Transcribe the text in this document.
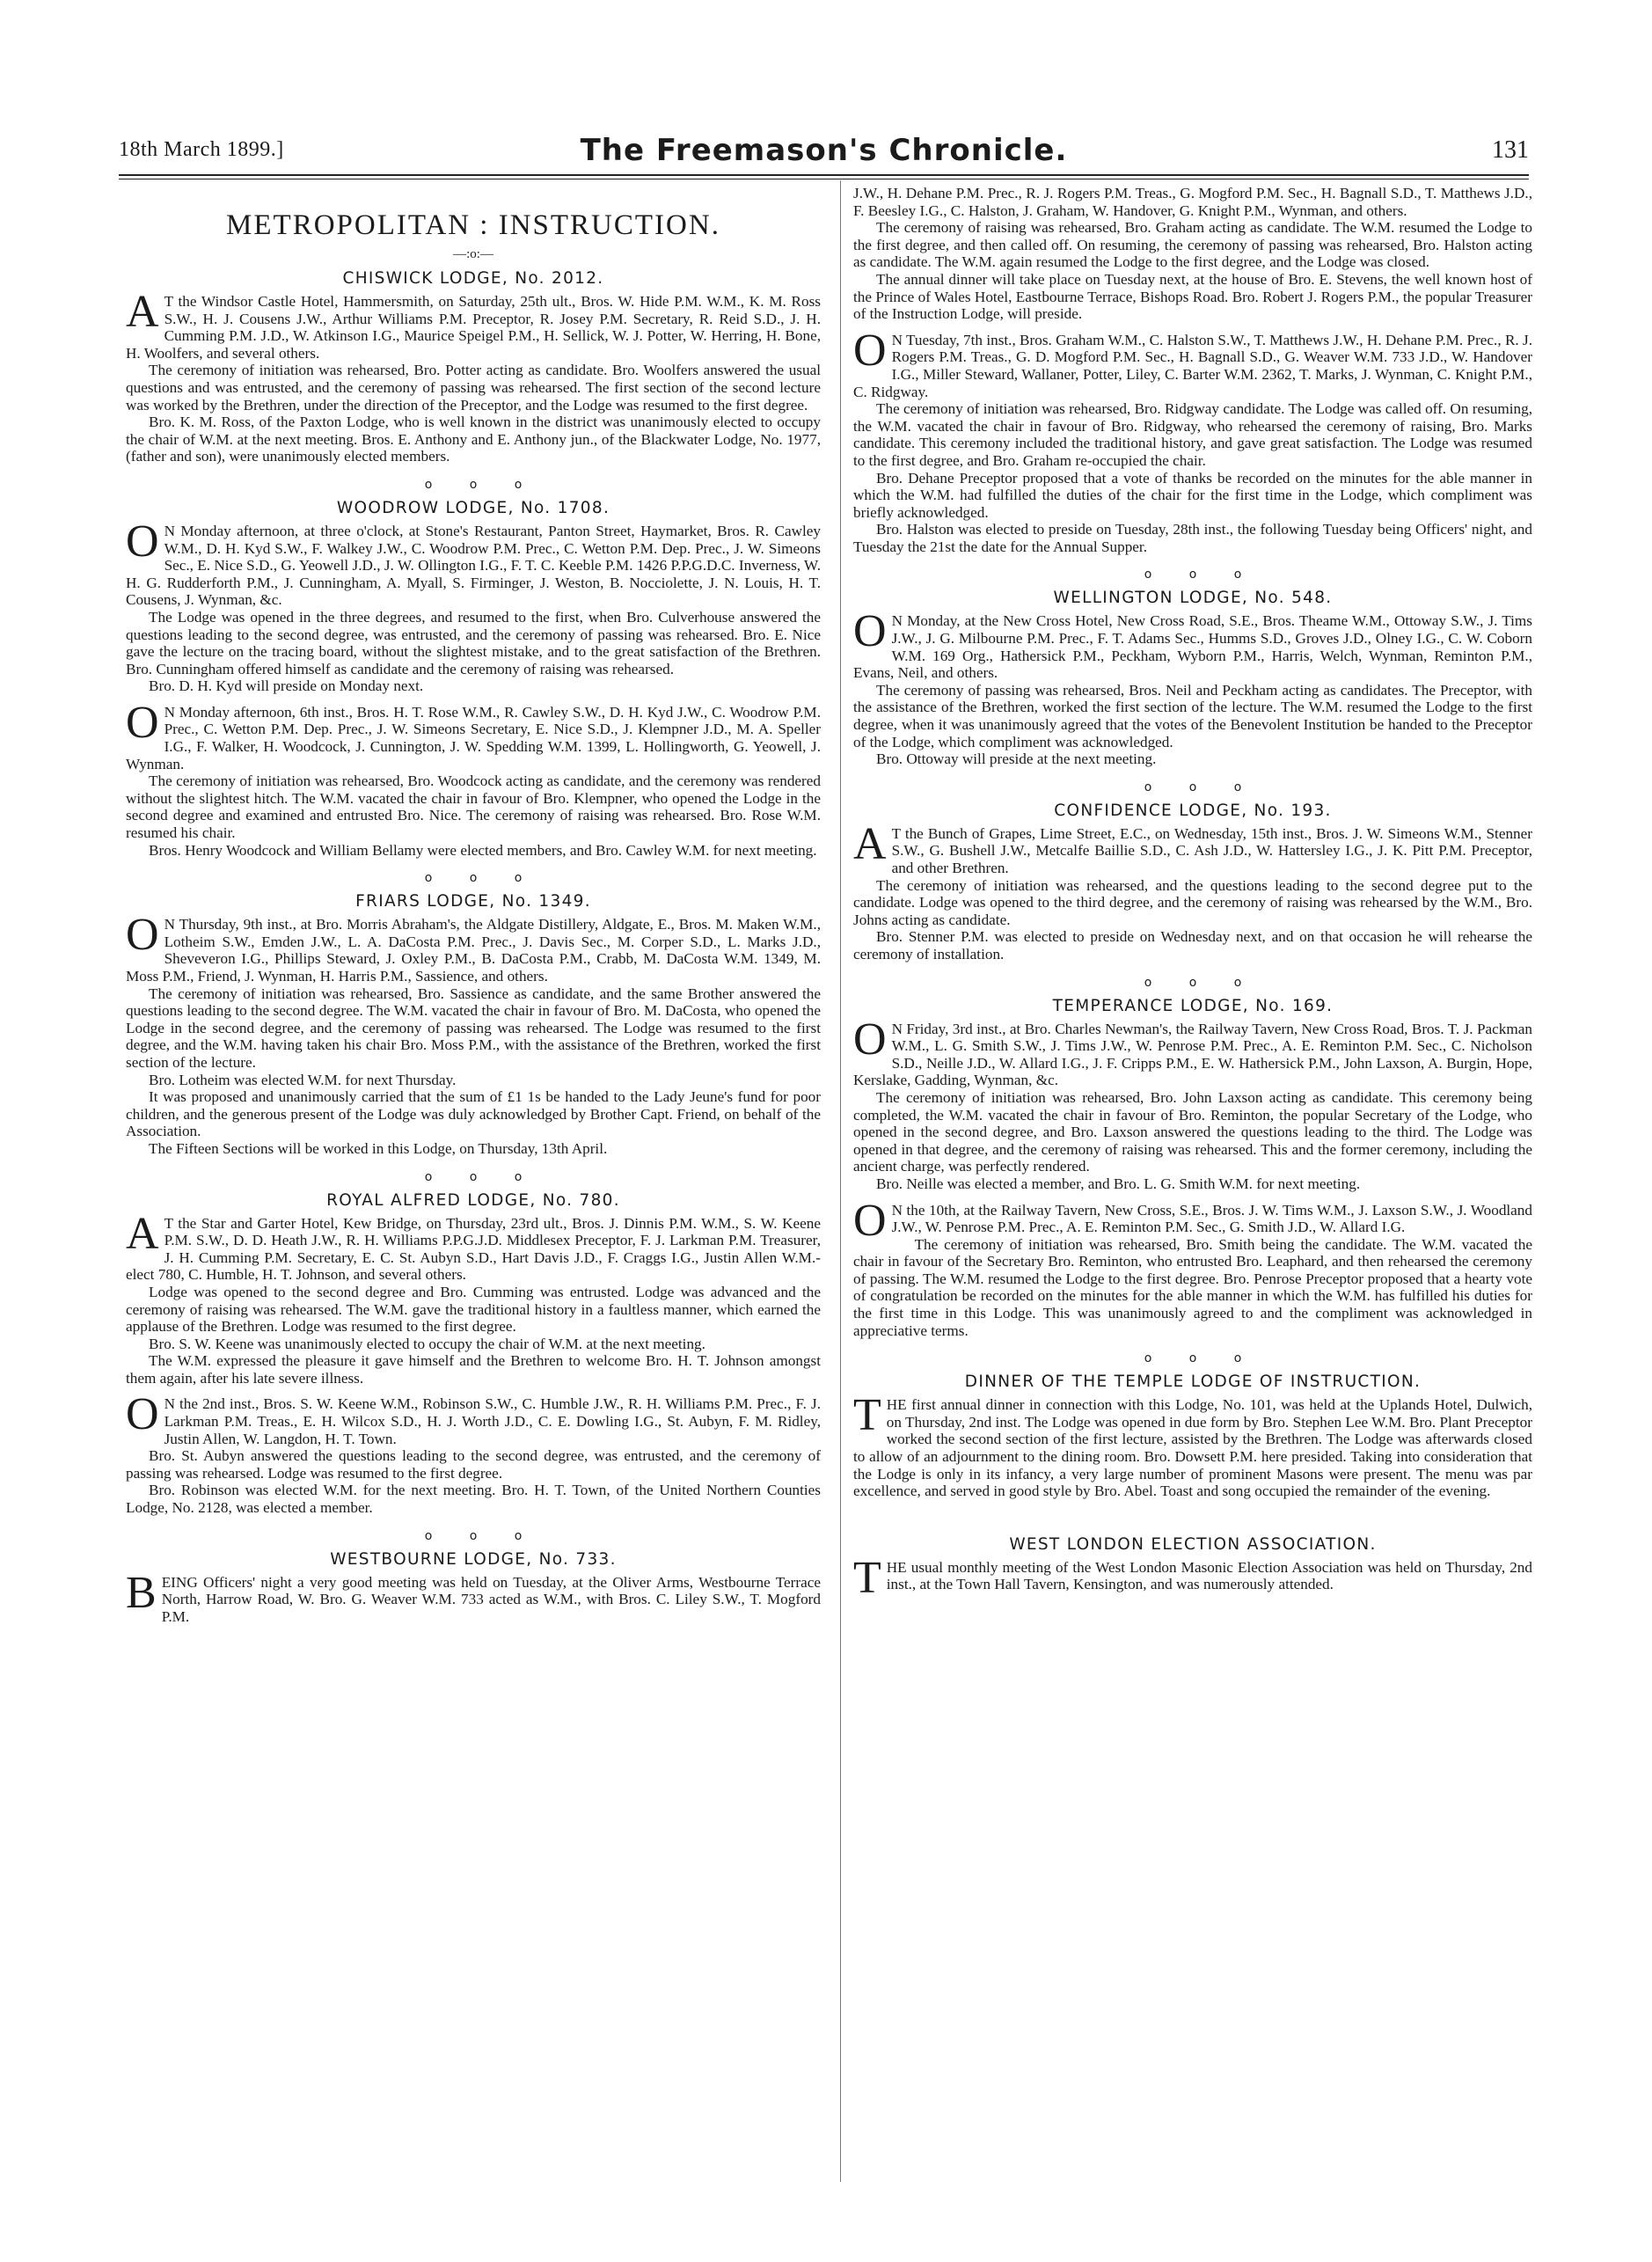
18th March 1899.]	The Freemason's Chronicle.	131
METROPOLITAN : INSTRUCTION.
—:o:—
CHISWICK LODGE, No. 2012.

A T the Windsor Castle Hotel, Hammersmith, on Saturday, 25th ult., Bros. W. Hide P.M. W.M., K. M. Ross S.W., H. J. Cousens J.W., Arthur Williams P.M. Preceptor, R. Josey P.M. Secretary, R. Reid S.D., J. H. Cumming P.M. J.D., W. Atkinson I.G., Maurice Speigel P.M., H. Sellick, W. J. Potter, W. Herring, H. Bone, H. Woolfers, and several others.

The ceremony of initiation was rehearsed, Bro. Potter acting as candidate. Bro. Woolfers answered the usual questions and was entrusted, and the ceremony of passing was rehearsed. The first section of the second lecture was worked by the Brethren, under the direction of the Preceptor, and the Lodge was resumed to the first degree.

Bro. K. M. Ross, of the Paxton Lodge, who is well known in the district was unanimously elected to occupy the chair of W.M. at the next meeting. Bros. E. Anthony and E. Anthony jun., of the Blackwater Lodge, No. 1977, (father and son), were unanimously elected members.

o o o
WOODROW LODGE, No. 1708.

O N Monday afternoon, at three o'clock, at Stone's Restaurant, Panton Street, Haymarket, Bros. R. Cawley W.M., D. H. Kyd S.W., F. Walkey J.W., C. Woodrow P.M. Prec., C. Wetton P.M. Dep. Prec., J. W. Simeons Sec., E. Nice S.D., G. Yeowell J.D., J. W. Ollington I.G., F. T. C. Keeble P.M. 1426 P.P.G.D.C. Inverness, W. H. G. Rudderforth P.M., J. Cunningham, A. Myall, S. Firminger, J. Weston, B. Nocciolette, J. N. Louis, H. T. Cousens, J. Wynman, &c.

The Lodge was opened in the three degrees, and resumed to the first, when Bro. Culverhouse answered the questions leading to the second degree, was entrusted, and the ceremony of passing was rehearsed. Bro. E. Nice gave the lecture on the tracing board, without the slightest mistake, and to the great satisfaction of the Brethren. Bro. Cunningham offered himself as candidate and the ceremony of raising was rehearsed.

Bro. D. H. Kyd will preside on Monday next.

O N Monday afternoon, 6th inst., Bros. H. T. Rose W.M., R. Cawley S.W., D. H. Kyd J.W., C. Woodrow P.M. Prec., C. Wetton P.M. Dep. Prec., J. W. Simeons Secretary, E. Nice S.D., J. Klempner J.D., M. A. Speller I.G., F. Walker, H. Woodcock, J. Cunnington, J. W. Spedding W.M. 1399, L. Hollingworth, G. Yeowell, J. Wynman.

The ceremony of initiation was rehearsed, Bro. Woodcock acting as candidate, and the ceremony was rendered without the slightest hitch. The W.M. vacated the chair in favour of Bro. Klempner, who opened the Lodge in the second degree and examined and entrusted Bro. Nice. The ceremony of raising was rehearsed. Bro. Rose W.M. resumed his chair.

Bros. Henry Woodcock and William Bellamy were elected members, and Bro. Cawley W.M. for next meeting.

o o o
FRIARS LODGE, No. 1349.

O N Thursday, 9th inst., at Bro. Morris Abraham's, the Aldgate Distillery, Aldgate, E., Bros. M. Maken W.M., Lotheim S.W., Emden J.W., L. A. DaCosta P.M. Prec., J. Davis Sec., M. Corper S.D., L. Marks J.D., Sheveveron I.G., Phillips Steward, J. Oxley P.M., B. DaCosta P.M., Crabb, M. DaCosta W.M. 1349, M. Moss P.M., Friend, J. Wynman, H. Harris P.M., Sassience, and others.

The ceremony of initiation was rehearsed, Bro. Sassience as candidate, and the same Brother answered the questions leading to the second degree. The W.M. vacated the chair in favour of Bro. M. DaCosta, who opened the Lodge in the second degree, and the ceremony of passing was rehearsed. The Lodge was resumed to the first degree, and the W.M. having taken his chair Bro. Moss P.M., with the assistance of the Brethren, worked the first section of the lecture.

Bro. Lotheim was elected W.M. for next Thursday.

It was proposed and unanimously carried that the sum of £1 1s be handed to the Lady Jeune's fund for poor children, and the generous present of the Lodge was duly acknowledged by Brother Capt. Friend, on behalf of the Association.

The Fifteen Sections will be worked in this Lodge, on Thursday, 13th April.

o o o
ROYAL ALFRED LODGE, No. 780.

A T the Star and Garter Hotel, Kew Bridge, on Thursday, 23rd ult., Bros. J. Dinnis P.M. W.M., S. W. Keene P.M. S.W., D. D. Heath J.W., R. H. Williams P.P.G.J.D. Middlesex Preceptor, F. J. Larkman P.M. Treasurer, J. H. Cumming P.M. Secretary, E. C. St. Aubyn S.D., Hart Davis J.D., F. Craggs I.G., Justin Allen W.M.-elect 780, C. Humble, H. T. Johnson, and several others.

Lodge was opened to the second degree and Bro. Cumming was entrusted. Lodge was advanced and the ceremony of raising was rehearsed. The W.M. gave the traditional history in a faultless manner, which earned the applause of the Brethren. Lodge was resumed to the first degree.

Bro. S. W. Keene was unanimously elected to occupy the chair of W.M. at the next meeting.

The W.M. expressed the pleasure it gave himself and the Brethren to welcome Bro. H. T. Johnson amongst them again, after his late severe illness.

O N the 2nd inst., Bros. S. W. Keene W.M., Robinson S.W., C. Humble J.W., R. H. Williams P.M. Prec., F. J. Larkman P.M. Treas., E. H. Wilcox S.D., H. J. Worth J.D., C. E. Dowling I.G., St. Aubyn, F. M. Ridley, Justin Allen, W. Langdon, H. T. Town.

Bro. St. Aubyn answered the questions leading to the second degree, was entrusted, and the ceremony of passing was rehearsed. Lodge was resumed to the first degree.

Bro. Robinson was elected W.M. for the next meeting. Bro. H. T. Town, of the United Northern Counties Lodge, No. 2128, was elected a member.

o o o
WESTBOURNE LODGE, No. 733.

BEING Officers' night a very good meeting was held on Tuesday, at the Oliver Arms, Westbourne Terrace North, Harrow Road, W. Bro. G. Weaver W.M. 733 acted as W.M., with Bros. C. Liley S.W., T. Mogford P.M.

J.W., H. Dehane P.M. Prec., R. J. Rogers P.M. Treas., G. Mogford P.M. Sec., H. Bagnall S.D., T. Matthews J.D., F. Beesley I.G., C. Halston, J. Graham, W. Handover, G. Knight P.M., Wynman, and others.

The ceremony of raising was rehearsed, Bro. Graham acting as candidate. The W.M. resumed the Lodge to the first degree, and then called off. On resuming, the ceremony of passing was rehearsed, Bro. Halston acting as candidate. The W.M. again resumed the Lodge to the first degree, and the Lodge was closed.

The annual dinner will take place on Tuesday next, at the house of Bro. E. Stevens, the well known host of the Prince of Wales Hotel, Eastbourne Terrace, Bishops Road. Bro. Robert J. Rogers P.M., the popular Treasurer of the Instruction Lodge, will preside.

O N Tuesday, 7th inst., Bros. Graham W.M., C. Halston S.W., T. Matthews J.W., H. Dehane P.M. Prec., R. J. Rogers P.M. Treas., G. D. Mogford P.M. Sec., H. Bagnall S.D., G. Weaver W.M. 733 J.D., W. Handover I.G., Miller Steward, Wallaner, Potter, Liley, C. Barter W.M. 2362, T. Marks, J. Wynman, C. Knight P.M., C. Ridgway.

The ceremony of initiation was rehearsed, Bro. Ridgway candidate. The Lodge was called off. On resuming, the W.M. vacated the chair in favour of Bro. Ridgway, who rehearsed the ceremony of raising, Bro. Marks candidate. This ceremony included the traditional history, and gave great satisfaction. The Lodge was resumed to the first degree, and Bro. Graham re-occupied the chair.

Bro. Dehane Preceptor proposed that a vote of thanks be recorded on the minutes for the able manner in which the W.M. had fulfilled the duties of the chair for the first time in the Lodge, which compliment was briefly acknowledged.

Bro. Halston was elected to preside on Tuesday, 28th inst., the following Tuesday being Officers' night, and Tuesday the 21st the date for the Annual Supper.

o o o
WELLINGTON LODGE, No. 548.

O N Monday, at the New Cross Hotel, New Cross Road, S.E., Bros. Theame W.M., Ottoway S.W., J. Tims J.W., J. G. Milbourne P.M. Prec., F. T. Adams Sec., Humms S.D., Groves J.D., Olney I.G., C. W. Coborn W.M. 169 Org., Hathersick P.M., Peckham, Wyborn P.M., Harris, Welch, Wynman, Reminton P.M., Evans, Neil, and others.

The ceremony of passing was rehearsed, Bros. Neil and Peckham acting as candidates. The Preceptor, with the assistance of the Brethren, worked the first section of the lecture. The W.M. resumed the Lodge to the first degree, when it was unanimously agreed that the votes of the Benevolent Institution be handed to the Preceptor of the Lodge, which compliment was acknowledged.

Bro. Ottoway will preside at the next meeting.

o o o
CONFIDENCE LODGE, No. 193.

A T the Bunch of Grapes, Lime Street, E.C., on Wednesday, 15th inst., Bros. J. W. Simeons W.M., Stenner S.W., G. Bushell J.W., Metcalfe Baillie S.D., C. Ash J.D., W. Hattersley I.G., J. K. Pitt P.M. Preceptor, and other Brethren.

The ceremony of initiation was rehearsed, and the questions leading to the second degree put to the candidate. Lodge was opened to the third degree, and the ceremony of raising was rehearsed by the W.M., Bro. Johns acting as candidate.

Bro. Stenner P.M. was elected to preside on Wednesday next, and on that occasion he will rehearse the ceremony of installation.

o o o
TEMPERANCE LODGE, No. 169.

O N Friday, 3rd inst., at Bro. Charles Newman's, the Railway Tavern, New Cross Road, Bros. T. J. Packman W.M., L. G. Smith S.W., J. Tims J.W., W. Penrose P.M. Prec., A. E. Reminton P.M. Sec., C. Nicholson S.D., Neille J.D., W. Allard I.G., J. F. Cripps P.M., E. W. Hathersick P.M., John Laxson, A. Burgin, Hope, Kerslake, Gadding, Wynman, &c.

The ceremony of initiation was rehearsed, Bro. John Laxson acting as candidate. This ceremony being completed, the W.M. vacated the chair in favour of Bro. Reminton, the popular Secretary of the Lodge, who opened in the second degree, and Bro. Laxson answered the questions leading to the third. The Lodge was opened in that degree, and the ceremony of raising was rehearsed. This and the former ceremony, including the ancient charge, was perfectly rendered.

Bro. Neille was elected a member, and Bro. L. G. Smith W.M. for next meeting.

O N the 10th, at the Railway Tavern, New Cross, S.E., Bros. J. W. Tims W.M., J. Laxson S.W., J. Woodland J.W., W. Penrose P.M. Prec., A. E. Reminton P.M. Sec., G. Smith J.D., W. Allard I.G.

The ceremony of initiation was rehearsed, Bro. Smith being the candidate. The W.M. vacated the chair in favour of the Secretary Bro. Reminton, who entrusted Bro. Leaphard, and then rehearsed the ceremony of passing. The W.M. resumed the Lodge to the first degree. Bro. Penrose Preceptor proposed that a hearty vote of congratulation be recorded on the minutes for the able manner in which the W.M. has fulfilled his duties for the first time in this Lodge. This was unanimously agreed to and the compliment was acknowledged in appreciative terms.

o o o
DINNER OF THE TEMPLE LODGE OF INSTRUCTION.

THE first annual dinner in connection with this Lodge, No. 101, was held at the Uplands Hotel, Dulwich, on Thursday, 2nd inst. The Lodge was opened in due form by Bro. Stephen Lee W.M. Bro. Plant Preceptor worked the second section of the first lecture, assisted by the Brethren. The Lodge was afterwards closed to allow of an adjournment to the dining room. Bro. Dowsett P.M. here presided. Taking into consideration that the Lodge is only in its infancy, a very large number of prominent Masons were present. The menu was par excellence, and served in good style by Bro. Abel. Toast and song occupied the remainder of the evening.

WEST LONDON ELECTION ASSOCIATION.

THE usual monthly meeting of the West London Masonic Election Association was held on Thursday, 2nd inst., at the Town Hall Tavern, Kensington, and was numerously attended.
